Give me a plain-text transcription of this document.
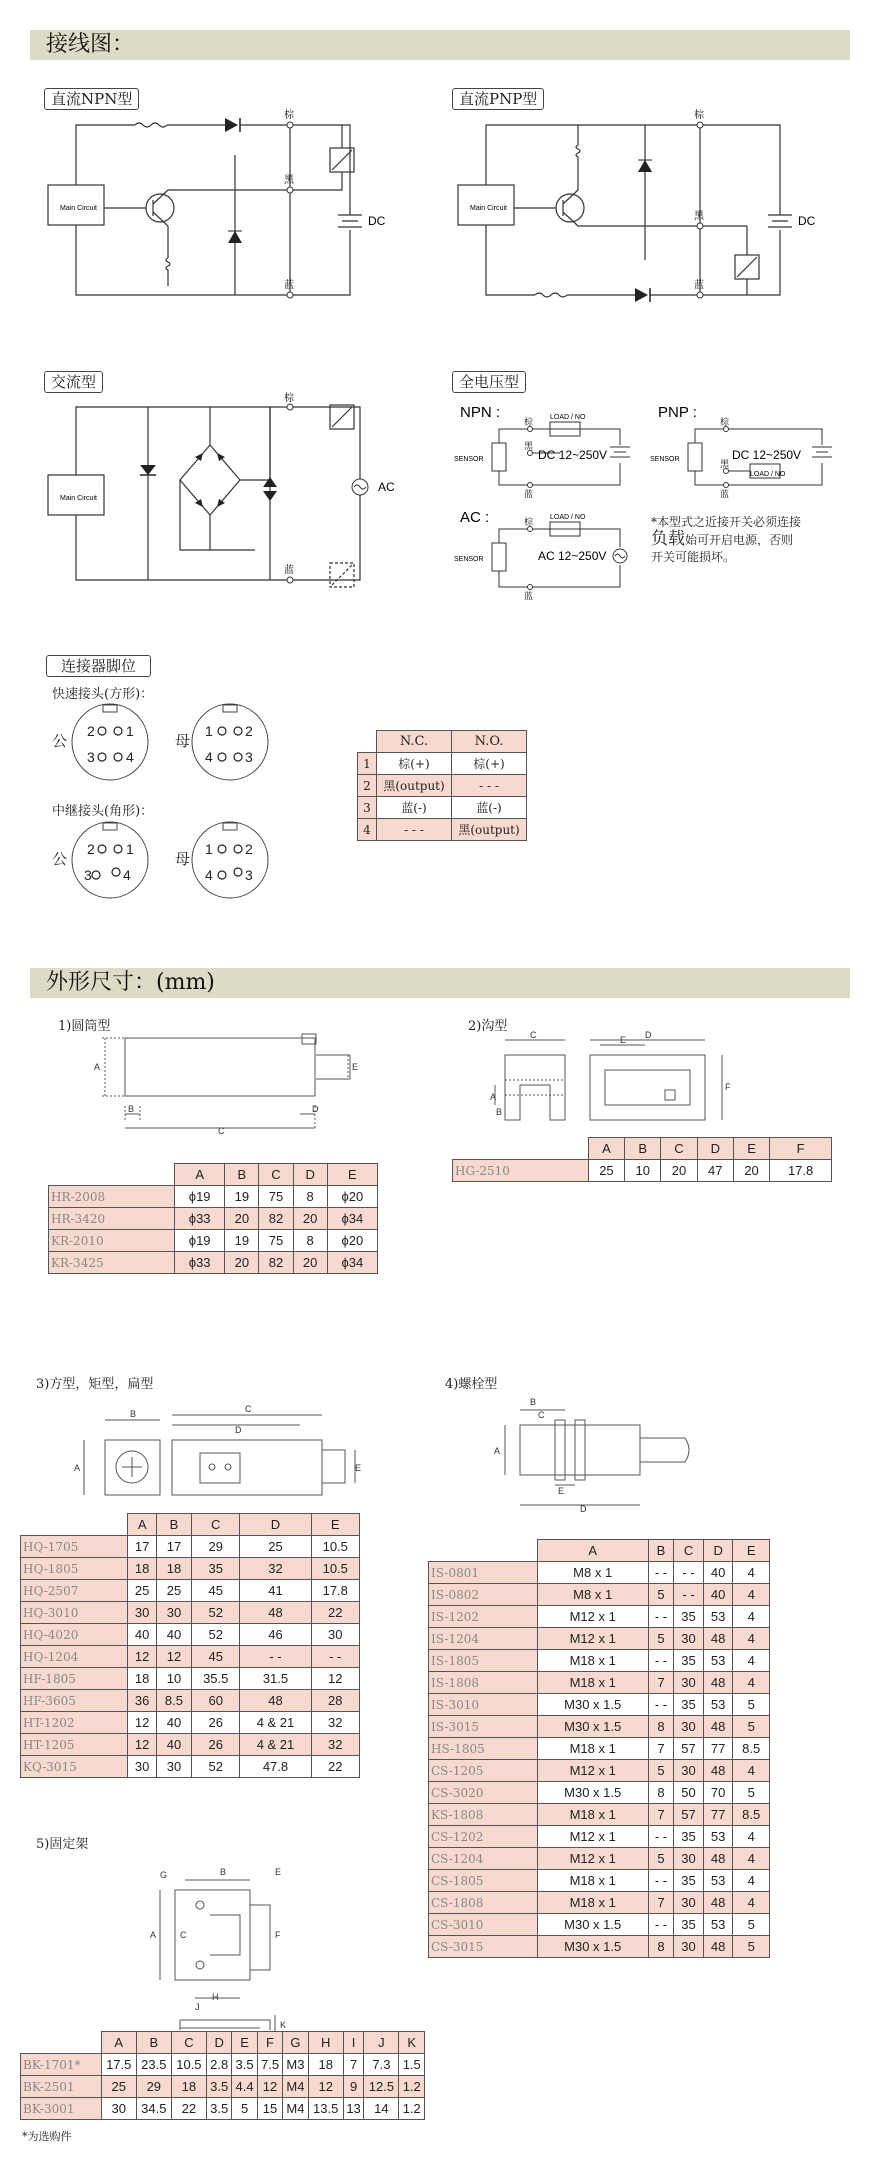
接线图：
直流NPN型	直流PNP型
Main Circuit
棕
黑
蓝
DC
Main Circuit
棕
黑
蓝
DC
交流型	全电压型
Main Circuit
棕
蓝
AC
NPN :	PNP :
AC :
SENSOR	SENSOR
SENSOR
LOAD / NO
LOAD / NO
LOAD / NO
DC 12~250V	DC 12~250V
AC 12~250V
棕
黑
蓝
棕
黑
蓝
棕
蓝
*本型式之近接开关必须连接
负载始可开启电源，否则
开关可能损坏。
连接器脚位
快速接头(方形)：
中继接头(角形)：
公	母
公	母
2 1
3 4
1 2
4 3
2 1
3
1 2
4
4	3
	N.C.	N.O.
1	棕(+)	棕(+)
2	黑(output)	- - -
3	蓝(-)	蓝(-)
4	- - -	黑(output)
外形尺寸：(mm)
1)圆筒型	2)沟型
A
B
C
D
E
C	D
E
A
B
F
	A	B	C	D	E
HR-2008	ϕ19	19	75	8	ϕ20
HR-3420	ϕ33	20	82	20	ϕ34
KR-2010	ϕ19	19	75	8	ϕ20
KR-3425	ϕ33	20	82	20	ϕ34
	A	B	C	D	E	F
HG-2510	25	10	20	47	20	17.8
3)方型，矩型，扁型	4)螺栓型
B	C
D
A	E
B
C
A
E
D
	A	B	C	D	E
HQ-1705	17	17	29	25	10.5
HQ-1805	18	18	35	32	10.5
HQ-2507	25	25	45	41	17.8
HQ-3010	30	30	52	48	22
HQ-4020	40	40	52	46	30
HQ-1204	12	12	45	- -	- -
HF-1805	18	10	35.5	31.5	12
HF-3605	36	8.5	60	48	28
HT-1202	12	40	26	4 & 21	32
HT-1205	12	40	26	4 & 21	32
KQ-3015	30	30	52	47.8	22
	A	B	C	D	E
IS-0801	M8 x 1	- -	- -	40	4
IS-0802	M8 x 1	5	- -	40	4
IS-1202	M12 x 1	- -	35	53	4
IS-1204	M12 x 1	5	30	48	4
IS-1805	M18 x 1	- -	35	53	4
IS-1808	M18 x 1	7	30	48	4
IS-3010	M30 x 1.5	- -	35	53	5
IS-3015	M30 x 1.5	8	30	48	5
HS-1805	M18 x 1	7	57	77	8.5
CS-1205	M12 x 1	5	30	48	4
CS-3020	M30 x 1.5	8	50	70	5
KS-1808	M18 x 1	7	57	77	8.5
CS-1202	M12 x 1	- -	35	53	4
CS-1204	M12 x 1	5	30	48	4
CS-1805	M18 x 1	- -	35	53	4
CS-1808	M18 x 1	7	30	48	4
CS-3010	M30 x 1.5	- -	35	53	5
CS-3015	M30 x 1.5	8	30	48	5
5)固定架
G	B
A	C
H
E
F
J
K
	A	B	C	D	E	F	G	H	I	J	K
BK-1701*	17.5	23.5	10.5	2.8	3.5	7.5	M3	18	7	7.3	1.5
BK-2501	25	29	18	3.5	4.4	12	M4	12	9	12.5	1.2
BK-3001	30	34.5	22	3.5	5	15	M4	13.5	13	14	1.2
*为选购件
